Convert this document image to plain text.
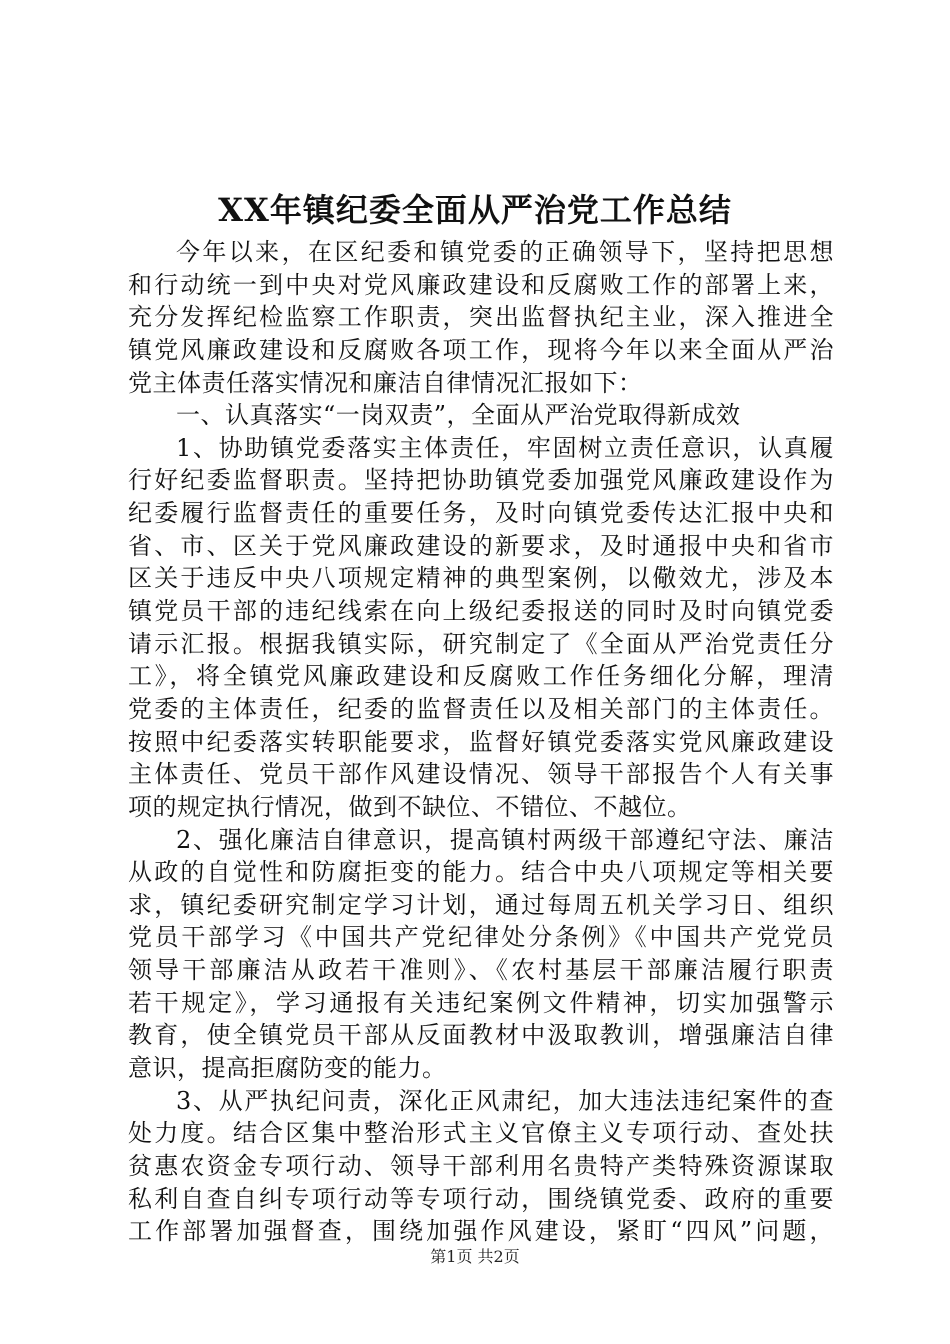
XX年镇纪委全面从严治党工作总结
今年以来，在区纪委和镇党委的正确领导下，坚持把思想
和行动统一到中央对党风廉政建设和反腐败工作的部署上来，
充分发挥纪检监察工作职责，突出监督执纪主业，深入推进全
镇党风廉政建设和反腐败各项工作，现将今年以来全面从严治
党主体责任落实情况和廉洁自律情况汇报如下：
一、认真落实“一岗双责”，全面从严治党取得新成效
1、协助镇党委落实主体责任，牢固树立责任意识，认真履
行好纪委监督职责。坚持把协助镇党委加强党风廉政建设作为
纪委履行监督责任的重要任务，及时向镇党委传达汇报中央和
省、市、区关于党风廉政建设的新要求，及时通报中央和省市
区关于违反中央八项规定精神的典型案例，以儆效尤，涉及本
镇党员干部的违纪线索在向上级纪委报送的同时及时向镇党委
请示汇报。根据我镇实际，研究制定了《全面从严治党责任分
工》，将全镇党风廉政建设和反腐败工作任务细化分解，理清
党委的主体责任，纪委的监督责任以及相关部门的主体责任。
按照中纪委落实转职能要求，监督好镇党委落实党风廉政建设
主体责任、党员干部作风建设情况、领导干部报告个人有关事
项的规定执行情况，做到不缺位、不错位、不越位。
2、强化廉洁自律意识，提高镇村两级干部遵纪守法、廉洁
从政的自觉性和防腐拒变的能力。结合中央八项规定等相关要
求，镇纪委研究制定学习计划，通过每周五机关学习日、组织
党员干部学习《中国共产党纪律处分条例》《中国共产党党员
领导干部廉洁从政若干准则》、《农村基层干部廉洁履行职责
若干规定》，学习通报有关违纪案例文件精神，切实加强警示
教育，使全镇党员干部从反面教材中汲取教训，增强廉洁自律
意识，提高拒腐防变的能力。
3、从严执纪问责，深化正风肃纪，加大违法违纪案件的查
处力度。结合区集中整治形式主义官僚主义专项行动、查处扶
贫惠农资金专项行动、领导干部利用名贵特产类特殊资源谋取
私利自查自纠专项行动等专项行动，围绕镇党委、政府的重要
工作部署加强督查，围绕加强作风建设，紧盯“四风”问题，
第1页 共2页
